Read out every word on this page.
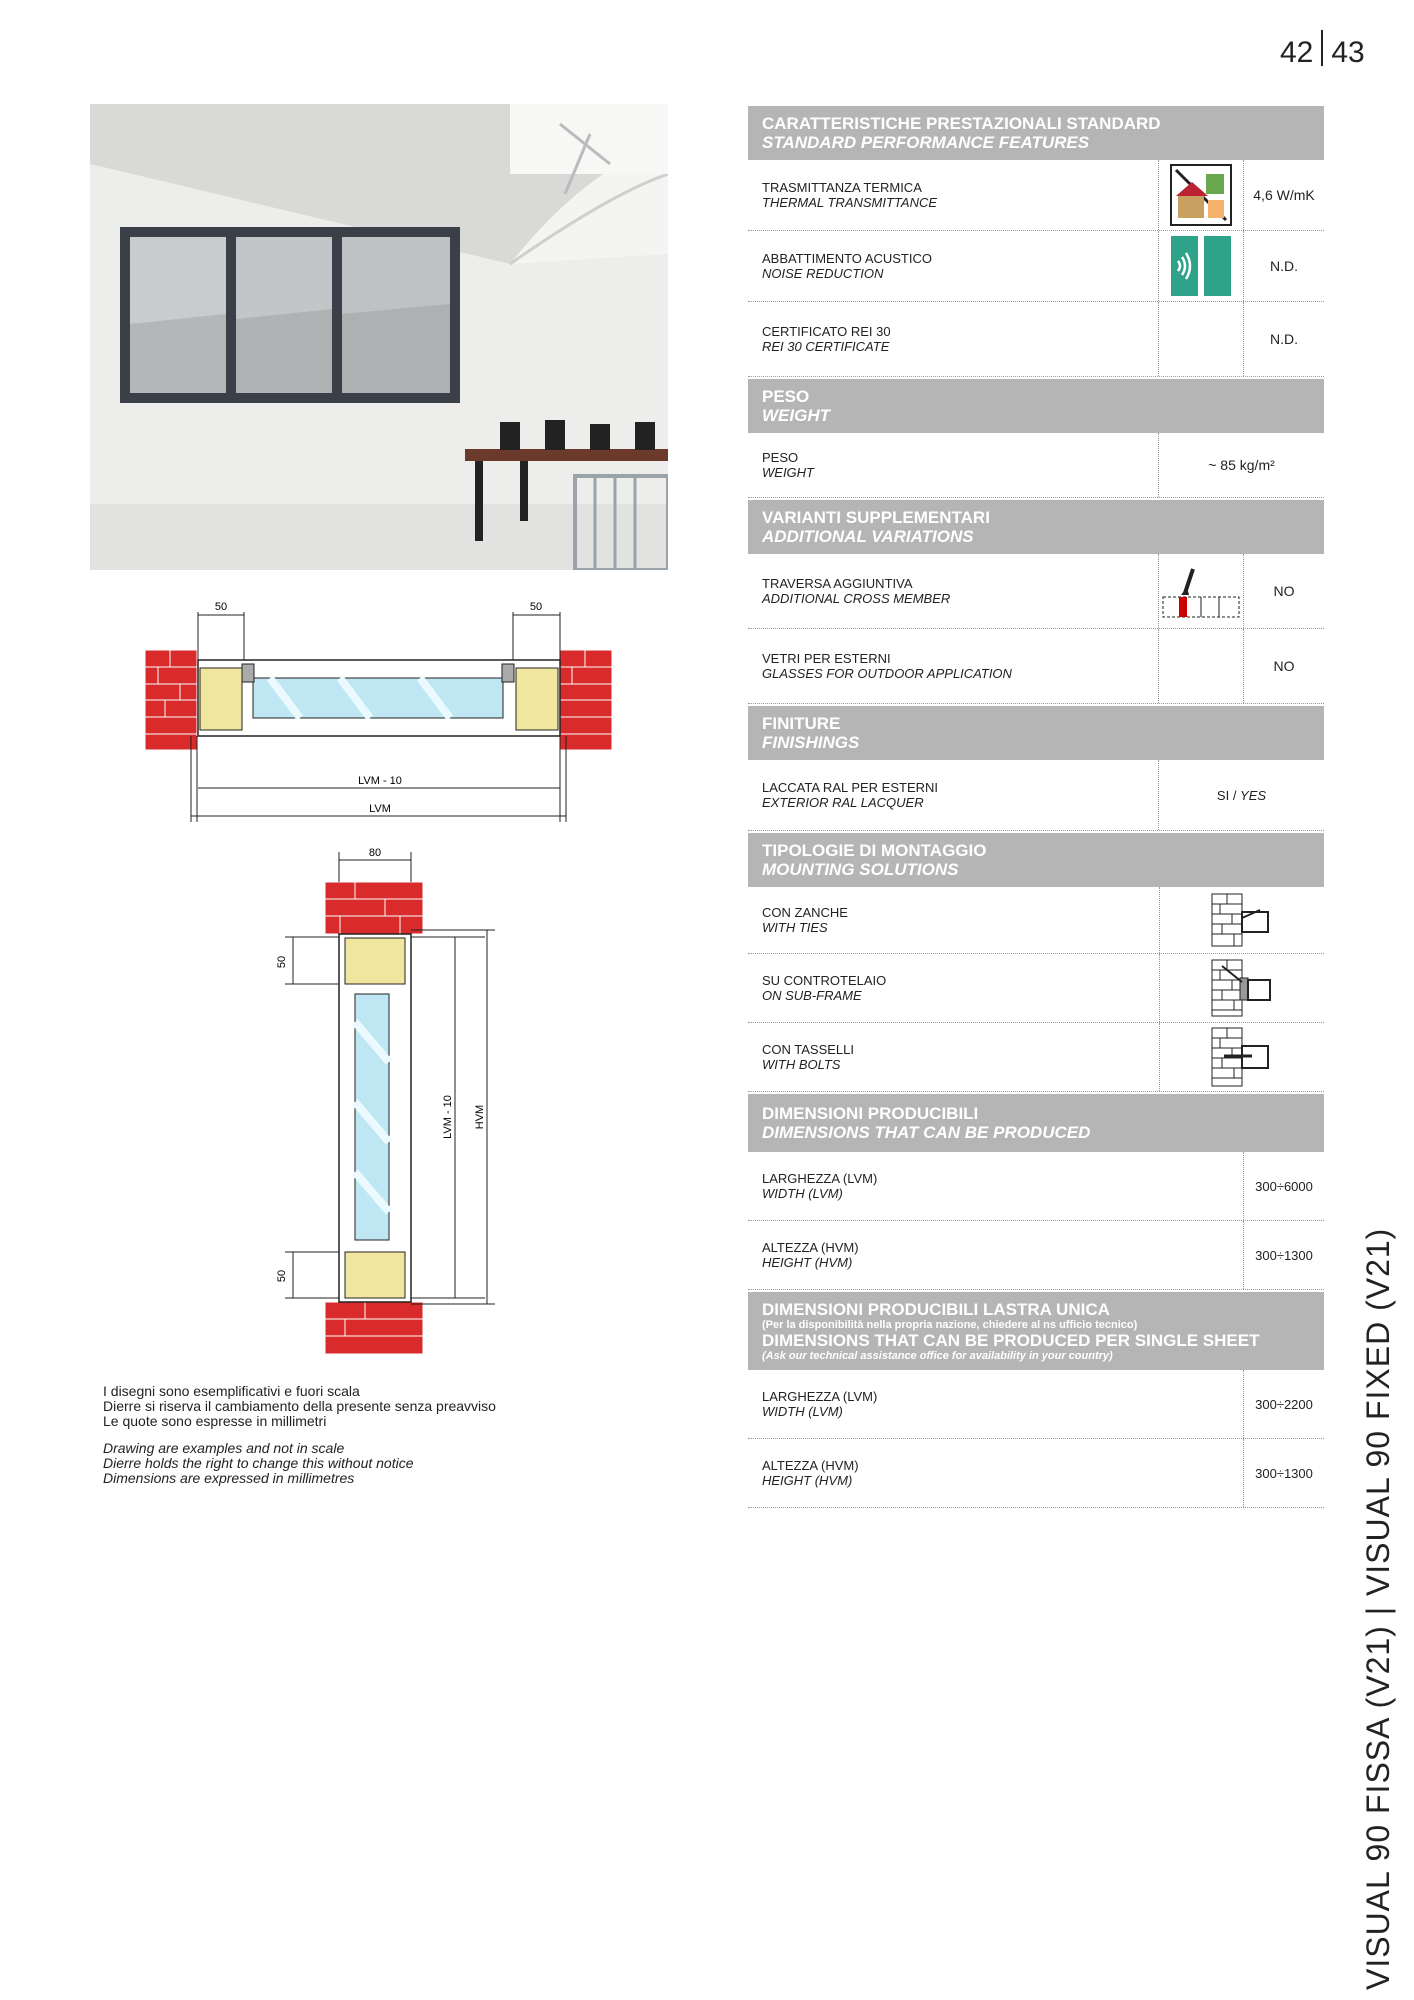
42 43
50	50
LVM - 10
LVM
80
50
50
LVM - 10 HVM

I disegni sono esemplificativi e fuori scala

Dierre si riserva il cambiamento della presente senza preavviso

Le quote sono espresse in millimetri

Drawing are examples and not in scale

Dierre holds the right to change this without notice

Dimensions are expressed in millimetres

CARATTERISTICHE PRESTAZIONALI STANDARD
STANDARD PERFORMANCE FEATURES
TRASMITTANZA TERMICA
THERMAL TRANSMITTANCE	4,6 W/mK
ABBATTIMENTO ACUSTICO
NOISE REDUCTION	N.D.
CERTIFICATO REI 30
REI 30 CERTIFICATE	N.D.
PESO
WEIGHT
PESO
WEIGHT	~ 85 kg/m²
VARIANTI SUPPLEMENTARI
ADDITIONAL VARIATIONS
TRAVERSA AGGIUNTIVA
ADDITIONAL CROSS MEMBER	NO
VETRI PER ESTERNI
GLASSES FOR OUTDOOR APPLICATION	NO
FINITURE
FINISHINGS
LACCATA RAL PER ESTERNI
EXTERIOR RAL LACQUER	SI / YES
TIPOLOGIE DI MONTAGGIO
MOUNTING SOLUTIONS
CON ZANCHE
WITH TIES
SU CONTROTELAIO
ON SUB-FRAME
CON TASSELLI
WITH BOLTS
DIMENSIONI PRODUCIBILI
DIMENSIONS THAT CAN BE PRODUCED
LARGHEZZA (LVM)
WIDTH (LVM)	300÷6000
ALTEZZA (HVM)
HEIGHT (HVM)	300÷1300
DIMENSIONI PRODUCIBILI LASTRA UNICA
(Per la disponibilità nella propria nazione, chiedere al ns ufficio tecnico)
DIMENSIONS THAT CAN BE PRODUCED PER SINGLE SHEET
(Ask our technical assistance office for availability in your country)
LARGHEZZA (LVM)
WIDTH (LVM)	300÷2200
ALTEZZA (HVM)
HEIGHT (HVM)	300÷1300	VISUAL 90 FISSA (V21) | VISUAL 90 FIXED (V21)
